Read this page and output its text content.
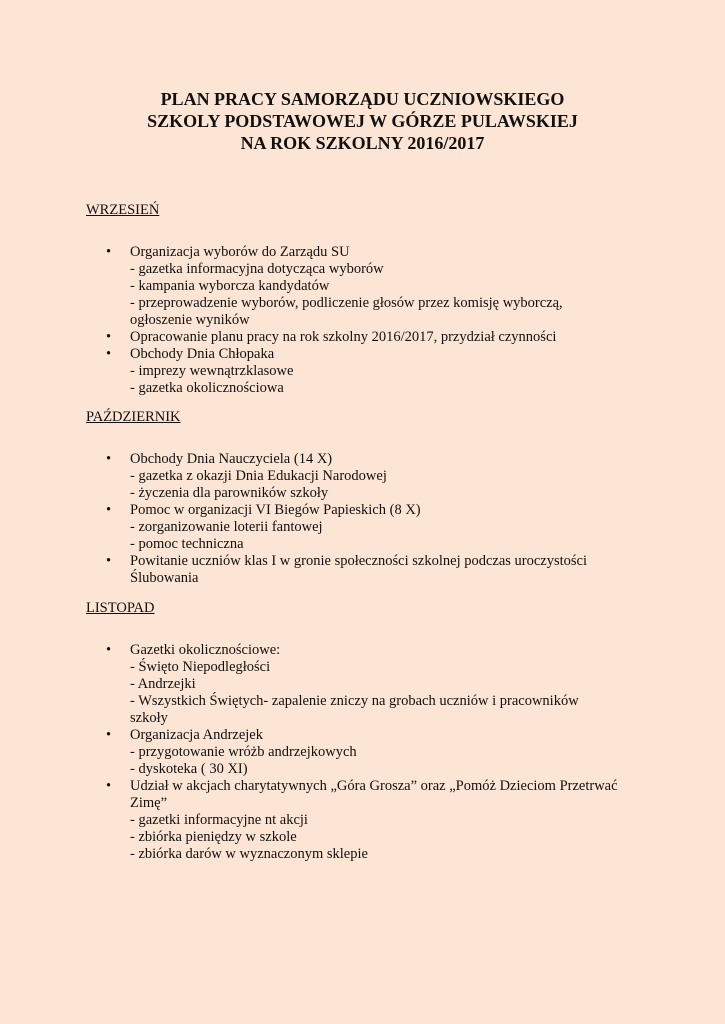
PLAN PRACY SAMORZĄDU UCZNIOWSKIEGO
SZKOLY PODSTAWOWEJ W GÓRZE PULAWSKIEJ
NA ROK SZKOLNY 2016/2017

WRZESIEŃ

• Organizacja wyborów do Zarządu SU
- gazetka informacyjna dotycząca wyborów
- kampania wyborcza kandydatów
- przeprowadzenie wyborów, podliczenie głosów przez komisję wyborczą,
ogłoszenie wyników
• Opracowanie planu pracy na rok szkolny 2016/2017, przydział czynności
• Obchody Dnia Chłopaka
- imprezy wewnątrzklasowe
- gazetka okolicznościowa

PAŹDZIERNIK

• Obchody Dnia Nauczyciela (14 X)
- gazetka z okazji Dnia Edukacji Narodowej
- życzenia dla parowników szkoły
• Pomoc w organizacji VI Biegów Papieskich (8 X)
- zorganizowanie loterii fantowej
- pomoc techniczna
• Powitanie uczniów klas I w gronie społeczności szkolnej podczas uroczystości
Ślubowania

LISTOPAD

• Gazetki okolicznościowe:
- Święto Niepodległości
- Andrzejki
- Wszystkich Świętych- zapalenie zniczy na grobach uczniów i pracowników
szkoły
• Organizacja Andrzejek
- przygotowanie wróżb andrzejkowych
- dyskoteka ( 30 XI)
• Udział w akcjach charytatywnych „Góra Grosza” oraz „Pomóż Dzieciom Przetrwać
Zimę”
- gazetki informacyjne nt akcji
- zbiórka pieniędzy w szkole
- zbiórka darów w wyznaczonym sklepie
